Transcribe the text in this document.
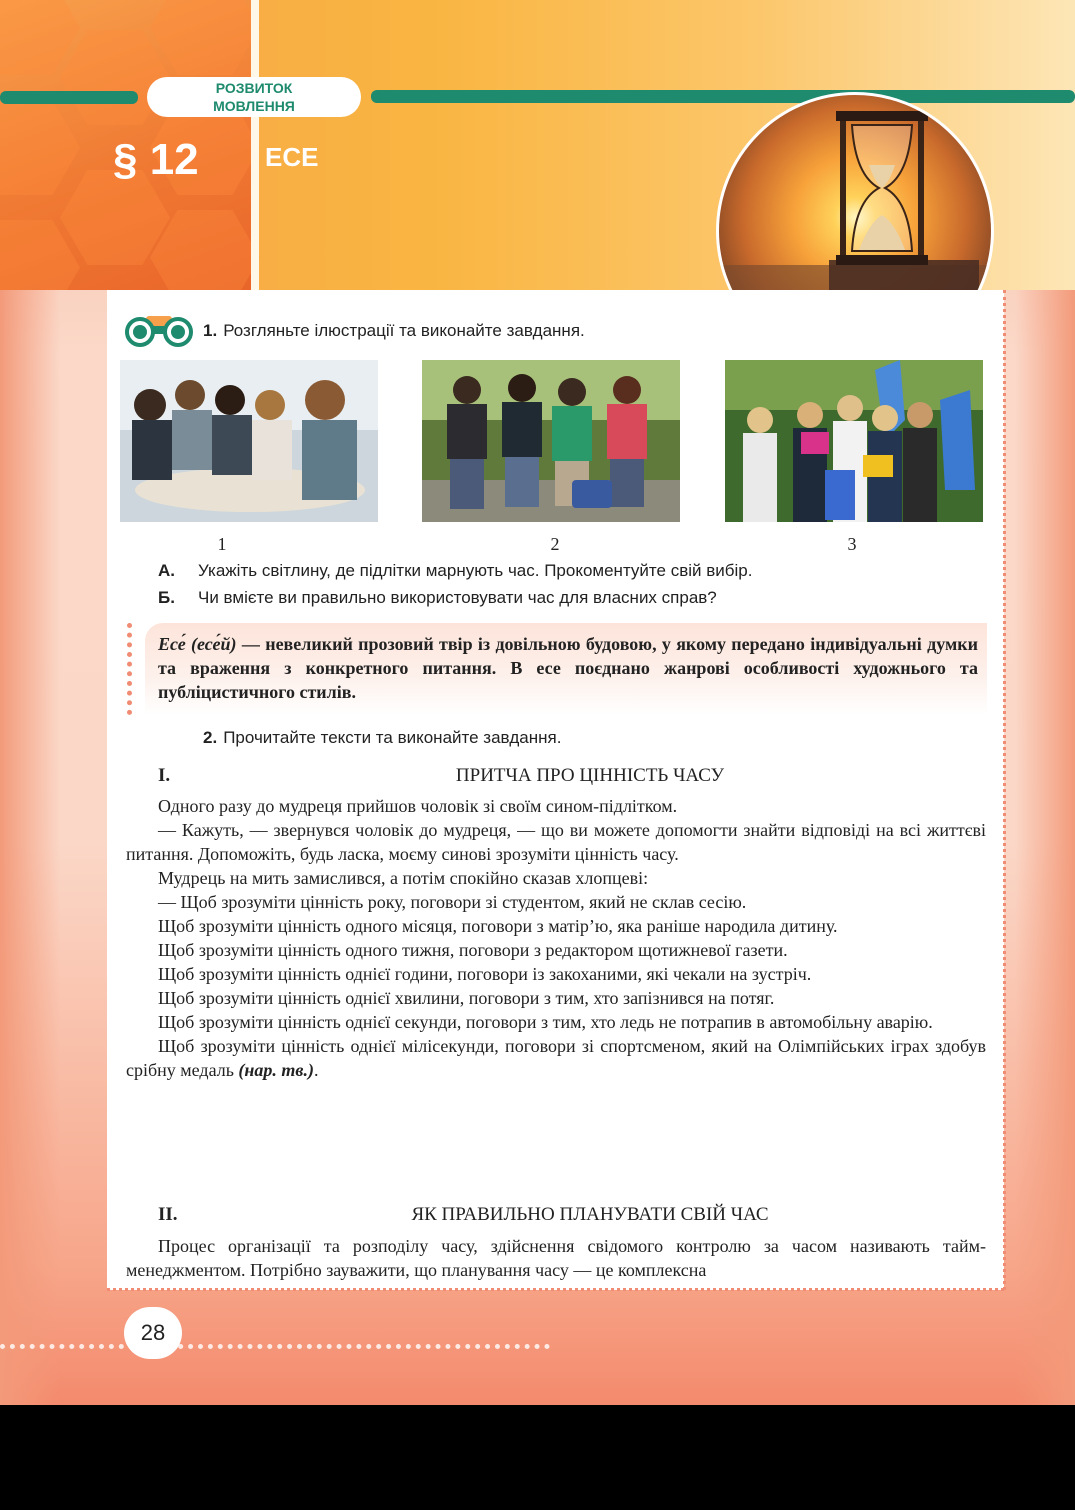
РОЗВИТОК
МОВЛЕННЯ
§ 12	ЕСЕ
1. Розгляньте ілюстрації та виконайте завдання.
1	2	3
А. Укажіть світлину, де підлітки марнують час. Прокоментуйте свій вибір.
Б. Чи вмієте ви правильно використовувати час для власних справ?
Есе́ (есе́й) — невеликий прозовий твір із довільною будовою, у якому передано індивідуальні думки та враження з конкретного питання. В есе поєднано жанрові особливості художнього та публіцистичного стилів.
2. Прочитайте тексти та виконайте завдання.
I.	ПРИТЧА ПРО ЦІННІСТЬ ЧАСУ

Одного разу до мудреця прийшов чоловік зі своїм сином-підлітком.

— Кажуть, — звернувся чоловік до мудреця, — що ви можете допомогти знайти відповіді на всі життєві питання. Допоможіть, будь ласка, моєму синові зрозуміти цінність часу.

Мудрець на мить замислився, а потім спокійно сказав хлопцеві:

— Щоб зрозуміти цінність року, поговори зі студентом, який не склав сесію.

Щоб зрозуміти цінність одного місяця, поговори з матір’ю, яка раніше народила дитину.

Щоб зрозуміти цінність одного тижня, поговори з редактором щотижневої газети.

Щоб зрозуміти цінність однієї години, поговори із закоханими, які чекали на зустріч.

Щоб зрозуміти цінність однієї хвилини, поговори з тим, хто запізнився на потяг.

Щоб зрозуміти цінність однієї секунди, поговори з тим, хто ледь не потрапив в автомобільну аварію.

Щоб зрозуміти цінність однієї мілісекунди, поговори зі спортсменом, який на Олімпійських іграх здобув срібну медаль (нар. тв.).

II.	ЯК ПРАВИЛЬНО ПЛАНУВАТИ СВІЙ ЧАС

Процес організації та розподілу часу, здійснення свідомого контролю за часом називають таймменеджментом. Потрібно зауважити, що планування часу — це комплексна

28
